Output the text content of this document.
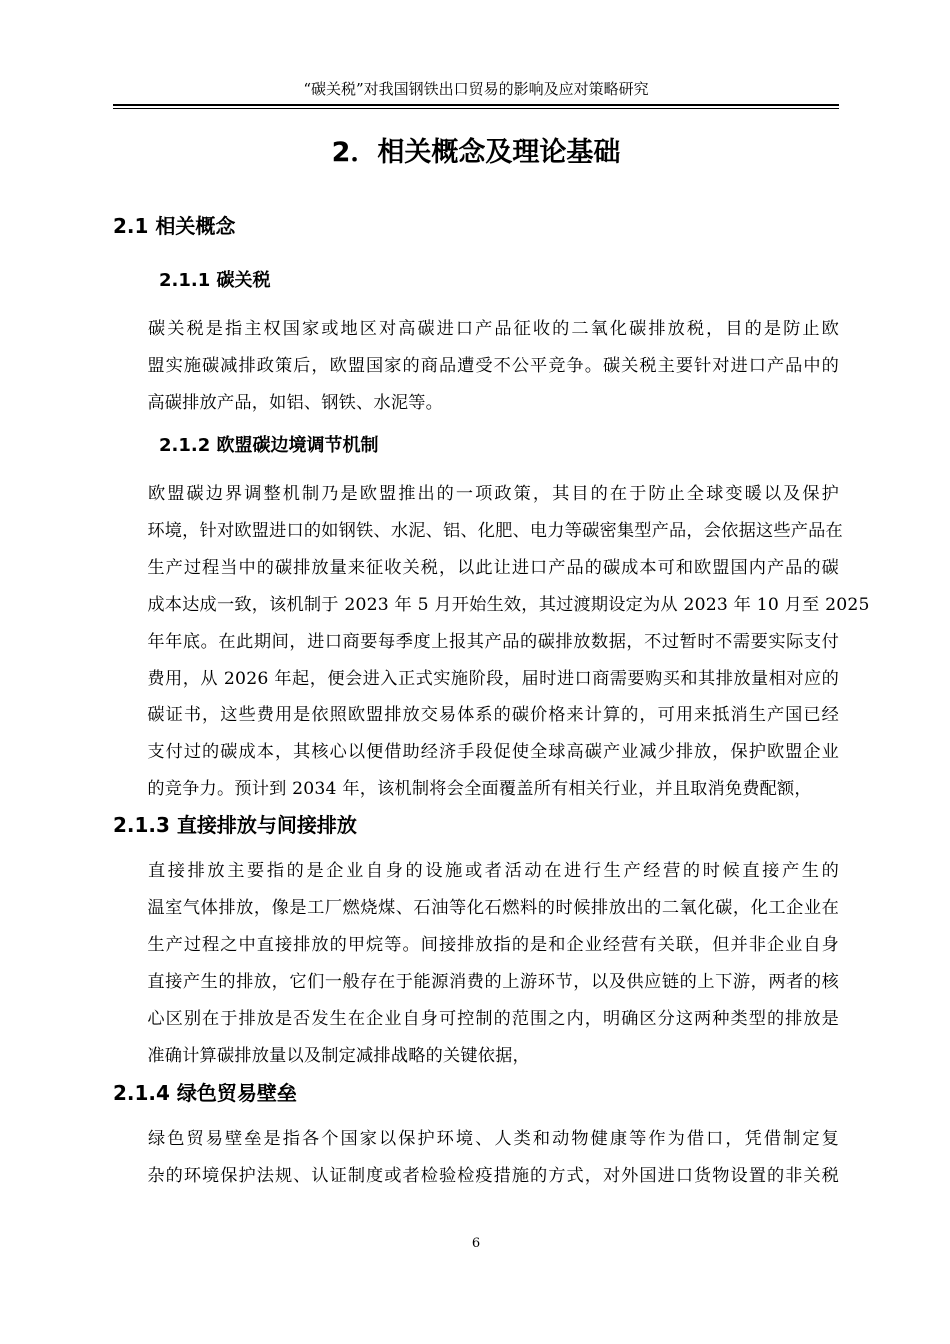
“碳关税”对我国钢铁出口贸易的影响及应对策略研究
2．相关概念及理论基础
2.1 相关概念
2.1.1 碳关税
碳关税是指主权国家或地区对高碳进口产品征收的二氧化碳排放税，目的是防止欧
盟实施碳减排政策后，欧盟国家的商品遭受不公平竞争。碳关税主要针对进口产品中的
高碳排放产品，如铝、钢铁、水泥等。
2.1.2 欧盟碳边境调节机制
欧盟碳边界调整机制乃是欧盟推出的一项政策，其目的在于防止全球变暖以及保护
环境，针对欧盟进口的如钢铁、水泥、铝、化肥、电力等碳密集型产品，会依据这些产品在
生产过程当中的碳排放量来征收关税，以此让进口产品的碳成本可和欧盟国内产品的碳
成本达成一致，该机制于 2023 年 5 月开始生效，其过渡期设定为从 2023 年 10 月至 2025
年年底。在此期间，进口商要每季度上报其产品的碳排放数据，不过暂时不需要实际支付
费用，从 2026 年起，便会进入正式实施阶段，届时进口商需要购买和其排放量相对应的
碳证书，这些费用是依照欧盟排放交易体系的碳价格来计算的，可用来抵消生产国已经
支付过的碳成本，其核心以便借助经济手段促使全球高碳产业减少排放，保护欧盟企业
的竞争力。预计到 2034 年，该机制将会全面覆盖所有相关行业，并且取消免费配额，
2.1.3 直接排放与间接排放
直接排放主要指的是企业自身的设施或者活动在进行生产经营的时候直接产生的
温室气体排放，像是工厂燃烧煤、石油等化石燃料的时候排放出的二氧化碳，化工企业在
生产过程之中直接排放的甲烷等。间接排放指的是和企业经营有关联，但并非企业自身
直接产生的排放，它们一般存在于能源消费的上游环节，以及供应链的上下游，两者的核
心区别在于排放是否发生在企业自身可控制的范围之内，明确区分这两种类型的排放是
准确计算碳排放量以及制定减排战略的关键依据，
2.1.4 绿色贸易壁垒
绿色贸易壁垒是指各个国家以保护环境、人类和动物健康等作为借口，凭借制定复
杂的环境保护法规、认证制度或者检验检疫措施的方式，对外国进口货物设置的非关税
6
